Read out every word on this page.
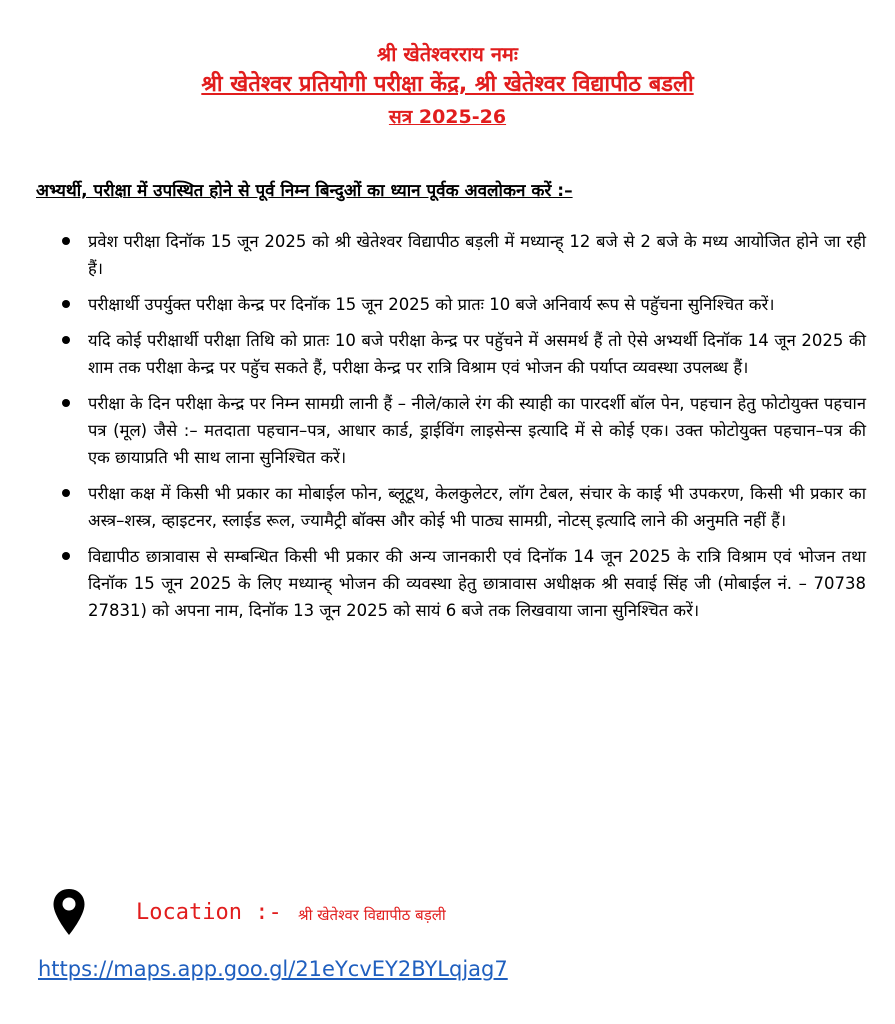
श्री खेतेश्वरराय नमः
श्री खेतेश्वर प्रतियोगी परीक्षा केंद्र, श्री खेतेश्वर विद्यापीठ बडली
सत्र 2025-26
अभ्यर्थी, परीक्षा में उपस्थित होने से पूर्व निम्न बिन्दुओं का ध्यान पूर्वक अवलोकन करें :–
प्रवेश परीक्षा दिनॉक 15 जून 2025 को श्री खेतेश्वर विद्यापीठ बड़ली में मध्यान्ह् 12 बजे से 2 बजे के मध्य आयोजित होने जा रही हैं।
परीक्षार्थी उपर्युक्त परीक्षा केन्द्र पर दिनॉक 15 जून 2025 को प्रातः 10 बजे अनिवार्य रूप से पहुॅचना सुनिश्चित करें।
यदि कोई परीक्षार्थी परीक्षा तिथि को प्रातः 10 बजे परीक्षा केन्द्र पर पहुॅचने में असमर्थ हैं तो ऐसे अभ्यर्थी दिनॉक 14 जून 2025 की शाम तक परीक्षा केन्द्र पर पहुॅच सकते हैं, परीक्षा केन्द्र पर रात्रि विश्राम एवं भोजन की पर्याप्त व्यवस्था उपलब्ध हैं।
परीक्षा के दिन परीक्षा केन्द्र पर निम्न सामग्री लानी हैं – नीले/काले रंग की स्याही का पारदर्शी बॉल पेन, पहचान हेतु फोटोयुक्त पहचान पत्र (मूल) जैसे :– मतदाता पहचान–पत्र, आधार कार्ड, ड्राईविंग लाइसेन्स इत्यादि में से कोई एक। उक्त फोटोयुक्त पहचान–पत्र की एक छायाप्रति भी साथ लाना सुनिश्चित करें।
परीक्षा कक्ष में किसी भी प्रकार का मोबाईल फोन, ब्लूटूथ, केलकुलेटर, लॉग टेबल, संचार के काई भी उपकरण, किसी भी प्रकार का अस्त्र–शस्त्र, व्हाइटनर, स्लाईड रूल, ज्यामैट्री बॉक्स और कोई भी पाठ्य सामग्री, नोटस् इत्यादि लाने की अनुमति नहीं हैं।
विद्यापीठ छात्रावास से सम्बन्धित किसी भी प्रकार की अन्य जानकारी एवं दिनॉक 14 जून 2025 के रात्रि विश्राम एवं भोजन तथा दिनॉक 15 जून 2025 के लिए मध्यान्ह् भोजन की व्यवस्था हेतु छात्रावास अधीक्षक श्री सवाई सिंह जी (मोबाईल नं. – 70738 27831) को अपना नाम, दिनॉक 13 जून 2025 को सायं 6 बजे तक लिखवाया जाना सुनिश्चित करें।
Location :- श्री खेतेश्वर विद्यापीठ बड़ली
https://maps.app.goo.gl/21eYcvEY2BYLqjag7
